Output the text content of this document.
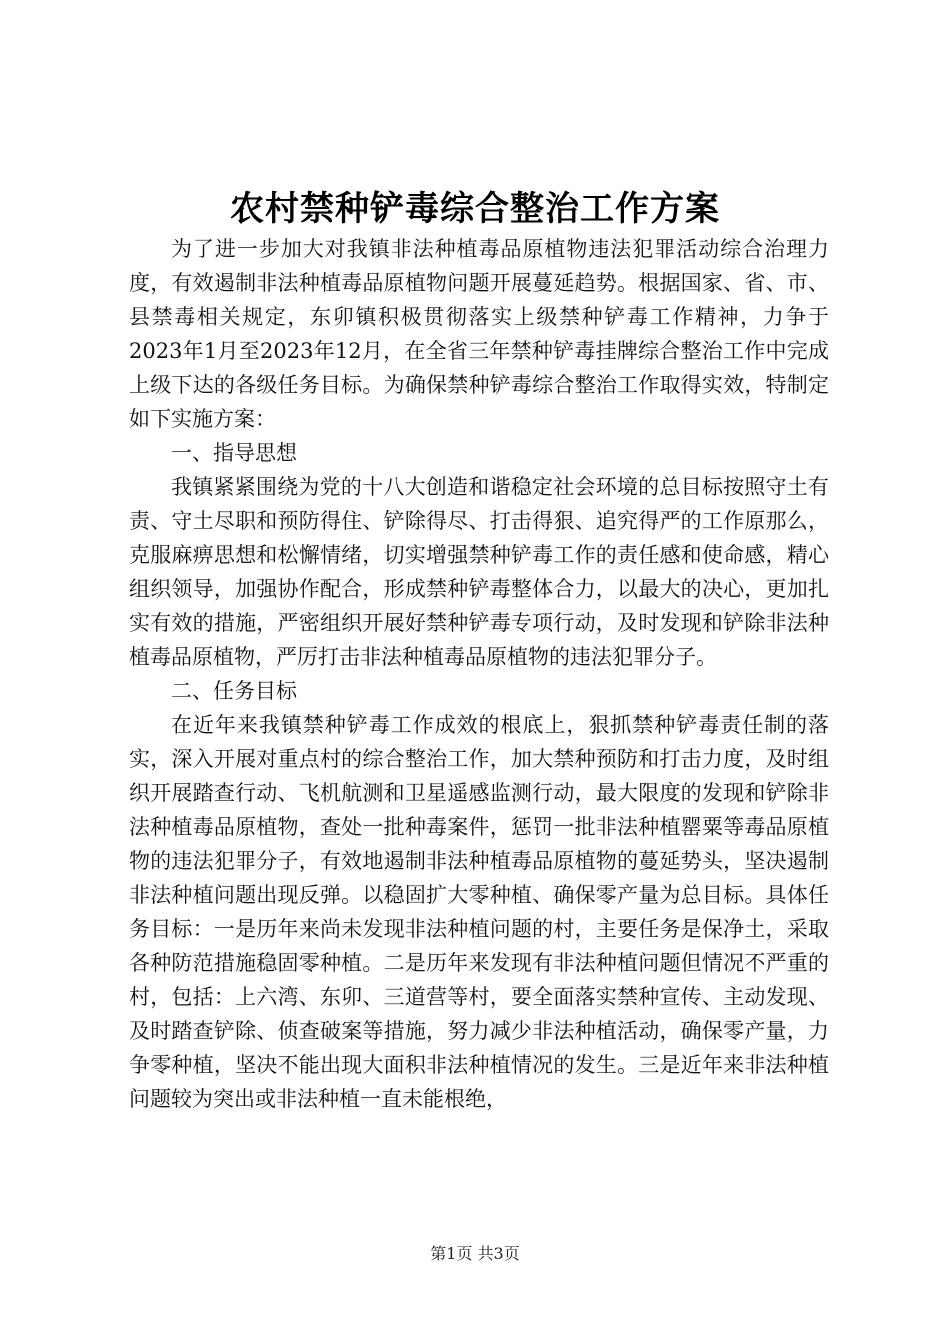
农村禁种铲毒综合整治工作方案

为了进一步加大对我镇非法种植毒品原植物违法犯罪活动综合治理力度，有效遏制非法种植毒品原植物问题开展蔓延趋势。根据国家、省、市、县禁毒相关规定，东卯镇积极贯彻落实上级禁种铲毒工作精神，力争于2023年1月至2023年12月，在全省三年禁种铲毒挂牌综合整治工作中完成上级下达的各级任务目标。为确保禁种铲毒综合整治工作取得实效，特制定如下实施方案：

一、指导思想

我镇紧紧围绕为党的十八大创造和谐稳定社会环境的总目标按照守土有责、守土尽职和预防得住、铲除得尽、打击得狠、追究得严的工作原那么，克服麻痹思想和松懈情绪，切实增强禁种铲毒工作的责任感和使命感，精心组织领导，加强协作配合，形成禁种铲毒整体合力，以最大的决心，更加扎实有效的措施，严密组织开展好禁种铲毒专项行动，及时发现和铲除非法种植毒品原植物，严厉打击非法种植毒品原植物的违法犯罪分子。

二、任务目标

在近年来我镇禁种铲毒工作成效的根底上，狠抓禁种铲毒责任制的落实，深入开展对重点村的综合整治工作，加大禁种预防和打击力度，及时组织开展踏查行动、飞机航测和卫星遥感监测行动，最大限度的发现和铲除非法种植毒品原植物，查处一批种毒案件，惩罚一批非法种植罂粟等毒品原植物的违法犯罪分子，有效地遏制非法种植毒品原植物的蔓延势头，坚决遏制非法种植问题出现反弹。以稳固扩大零种植、确保零产量为总目标。具体任务目标：一是历年来尚未发现非法种植问题的村，主要任务是保净土，采取各种防范措施稳固零种植。二是历年来发现有非法种植问题但情况不严重的村，包括：上六湾、东卯、三道营等村，要全面落实禁种宣传、主动发现、及时踏查铲除、侦查破案等措施，努力减少非法种植活动，确保零产量，力争零种植，坚决不能出现大面积非法种植情况的发生。三是近年来非法种植问题较为突出或非法种植一直未能根绝，

第1页 共3页
